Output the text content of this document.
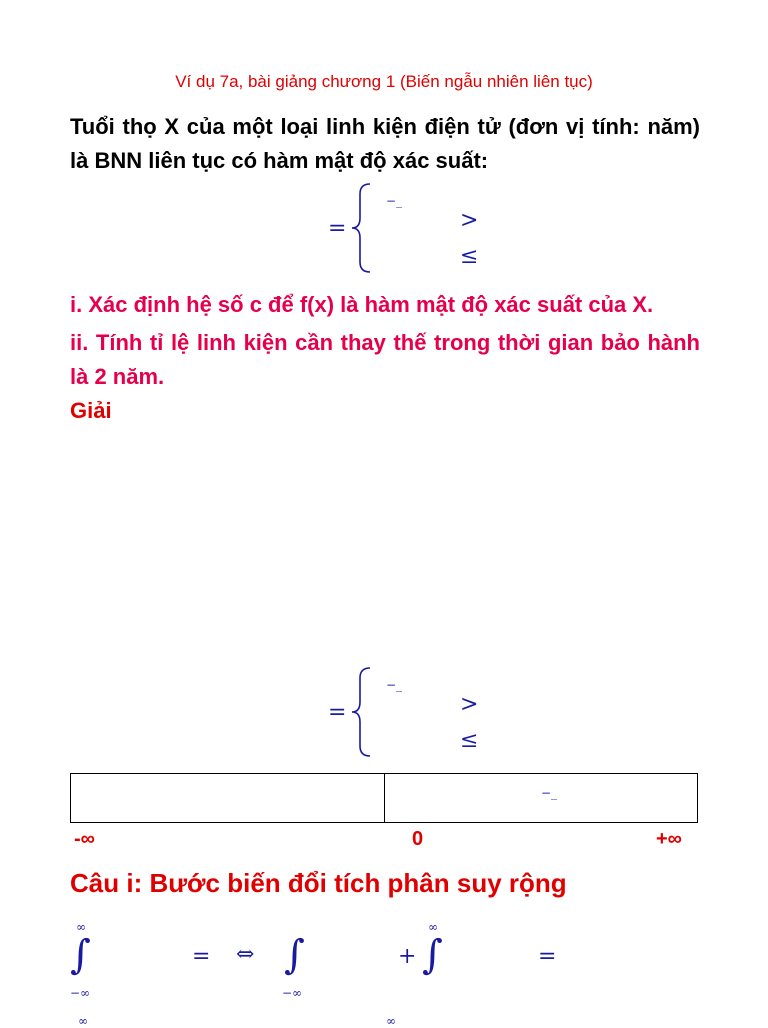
Ví dụ 7a, bài giảng chương 1 (Biến ngẫu nhiên liên tục)
Tuổi thọ X của một loại linh kiện điện tử (đơn vị tính: năm) là BNN liên tục có hàm mật độ xác suất:
=
−_
>
≤
i. Xác định hệ số c để f(x) là hàm mật độ xác suất của X.
ii. Tính tỉ lệ linh kiện cần thay thế trong thời gian bảo hành là 2 năm.
Giải
=
−_
>
≤

−_
-∞	0	+∞
Câu i: Bước biến đổi tích phân suy rộng
∞
∫
−∞
= ⇔ ∫
−∞
+
∞
∫	=
∞	∞
